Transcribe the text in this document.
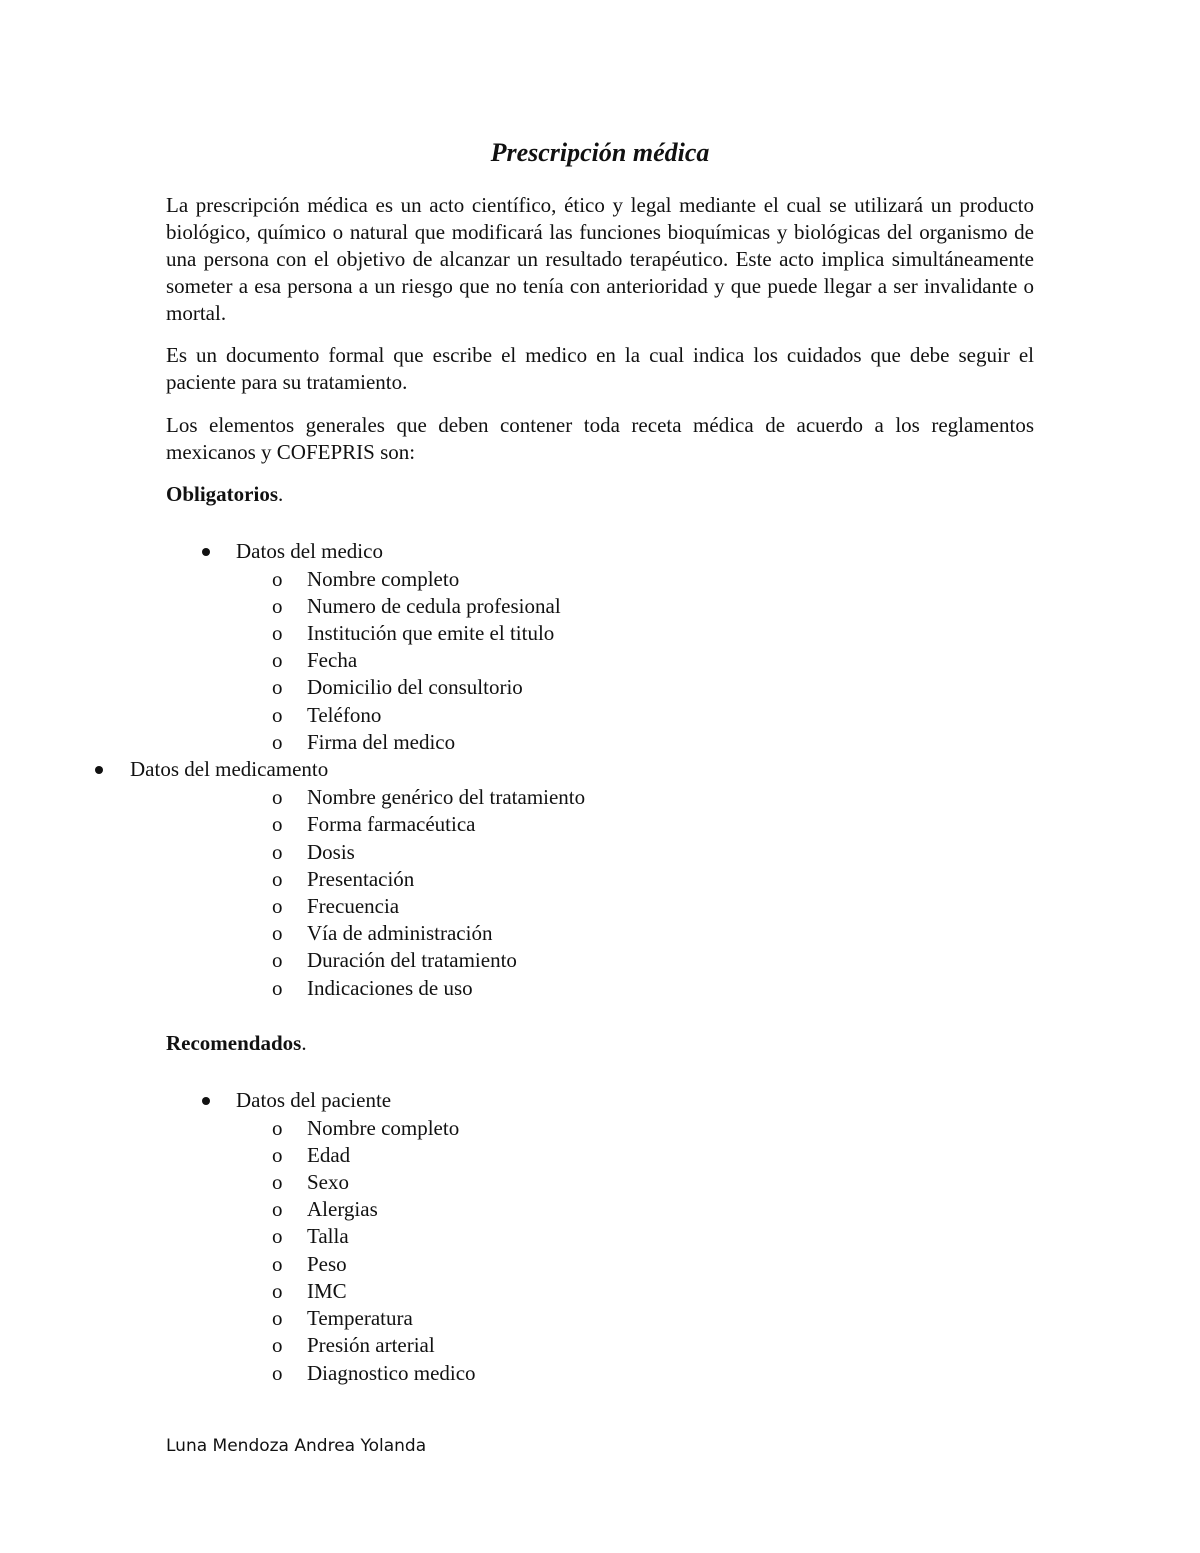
Prescripción médica

La prescripción médica es un acto científico, ético y legal mediante el cual se utilizará un producto biológico, químico o natural que modificará las funciones bioquímicas y biológicas del organismo de una persona con el objetivo de alcanzar un resultado terapéutico. Este acto implica simultáneamente someter a esa persona a un riesgo que no tenía con anterioridad y que puede llegar a ser invalidante o mortal.

Es un documento formal que escribe el medico en la cual indica los cuidados que debe seguir el paciente para su tratamiento.

Los elementos generales que deben contener toda receta médica de acuerdo a los reglamentos mexicanos y COFEPRIS son:

Obligatorios.

Datos del medico
o	Nombre completo
o	Numero de cedula profesional
o	Institución que emite el titulo
o	Fecha
o	Domicilio del consultorio
o	Teléfono
o	Firma del medico
Datos del medicamento
o	Nombre genérico del tratamiento
o	Forma farmacéutica
o	Dosis
o	Presentación
o	Frecuencia
o	Vía de administración
o	Duración del tratamiento
o	Indicaciones de uso

Recomendados.

Datos del paciente
o	Nombre completo
o	Edad
o	Sexo
o	Alergias
o	Talla
o	Peso
o	IMC
o	Temperatura
o	Presión arterial
o	Diagnostico medico

Luna Mendoza Andrea Yolanda
